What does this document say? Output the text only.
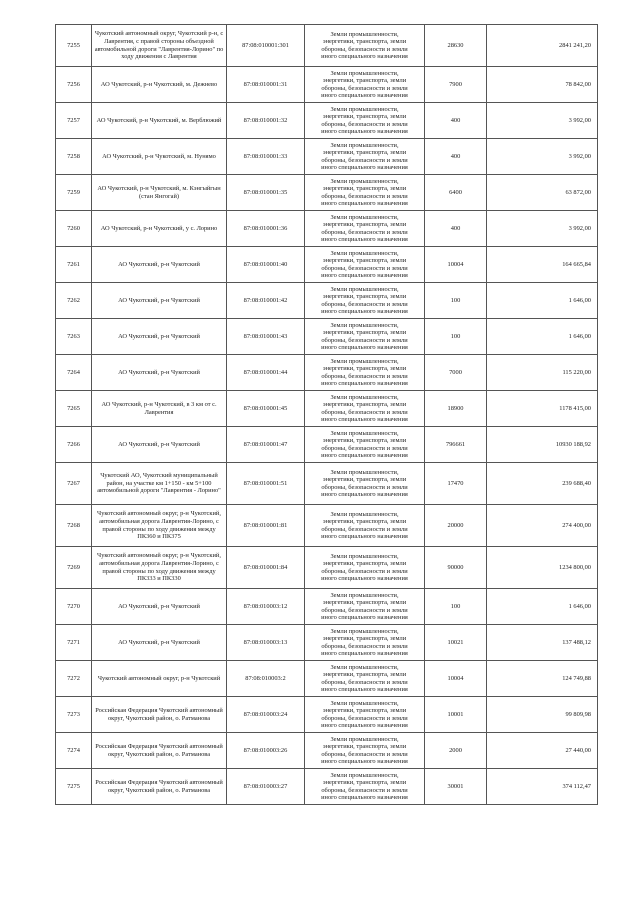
7255	Чукотский автономный округ, Чукотский р-н, с Лаврентия, с правой стороны объездной автомобильной дороги "Лаврентия-Лорино" по ходу движения с Лаврентия	87:08:010001:301	Земли промышленности,
энергетики, транспорта, земли
обороны, безопасности и земли
иного специального назначения	28630	2841 241,20
7256	АО Чукотский, р-н Чукотский, м. Дежнево	87:08:010001:31	Земли промышленности,
энергетики, транспорта, земли
обороны, безопасности и земли
иного специального назначения	7900	78 842,00
7257	АО Чукотский, р-н Чукотский, м. Верблюжий	87:08:010001:32	Земли промышленности,
энергетики, транспорта, земли
обороны, безопасности и земли
иного специального назначения	400	3 992,00
7258	АО Чукотский, р-н Чукотский, м. Нунямо	87:08:010001:33	Земли промышленности,
энергетики, транспорта, земли
обороны, безопасности и земли
иного специального назначения	400	3 992,00
7259	АО Чукотский, р-н Чукотский, м. Кэнгыйгын (стан Янгогай)	87:08:010001:35	Земли промышленности,
энергетики, транспорта, земли
обороны, безопасности и земли
иного специального назначения	6400	63 872,00
7260	АО Чукотский, р-н Чукотский, у с. Лорино	87:08:010001:36	Земли промышленности,
энергетики, транспорта, земли
обороны, безопасности и земли
иного специального назначения	400	3 992,00
7261	АО Чукотский, р-н Чукотский	87:08:010001:40	Земли промышленности,
энергетики, транспорта, земли
обороны, безопасности и земли
иного специального назначения	10004	164 665,84
7262	АО Чукотский, р-н Чукотский	87:08:010001:42	Земли промышленности,
энергетики, транспорта, земли
обороны, безопасности и земли
иного специального назначения	100	1 646,00
7263	АО Чукотский, р-н Чукотский	87:08:010001:43	Земли промышленности,
энергетики, транспорта, земли
обороны, безопасности и земли
иного специального назначения	100	1 646,00
7264	АО Чукотский, р-н Чукотский	87:08:010001:44	Земли промышленности,
энергетики, транспорта, земли
обороны, безопасности и земли
иного специального назначения	7000	115 220,00
7265	АО Чукотский, р-н Чукотский, в 3 км от с. Лаврентия	87:08:010001:45	Земли промышленности,
энергетики, транспорта, земли
обороны, безопасности и земли
иного специального назначения	18900	1178 415,00
7266	АО Чукотский, р-н Чукотский	87:08:010001:47	Земли промышленности,
энергетики, транспорта, земли
обороны, безопасности и земли
иного специального назначения	796661	10930 188,92
7267	Чукотский АО, Чукотский муниципальный район, на участке км 1+150 - км 5+100 автомобильной дороги "Лаврентия - Лорино"	87:08:010001:51	Земли промышленности,
энергетики, транспорта, земли
обороны, безопасности и земли
иного специального назначения	17470	239 688,40
7268	Чукотский автономный округ, р-н Чукотский, автомобильная дорога Лаврентия-Лорино, с правой стороны по ходу движения между ПК360 и ПК375	87:08:010001:81	Земли промышленности,
энергетики, транспорта, земли
обороны, безопасности и земли
иного специального назначения	20000	274 400,00
7269	Чукотский автономный округ, р-н Чукотский, автомобильная дорога Лаврентия-Лорино, с правой стороны по ходу движения между ПК333 и ПК330	87:08:010001:84	Земли промышленности,
энергетики, транспорта, земли
обороны, безопасности и земли
иного специального назначения	90000	1234 800,00
7270	АО Чукотский, р-н Чукотский	87:08:010003:12	Земли промышленности,
энергетики, транспорта, земли
обороны, безопасности и земли
иного специального назначения	100	1 646,00
7271	АО Чукотский, р-н Чукотский	87:08:010003:13	Земли промышленности,
энергетики, транспорта, земли
обороны, безопасности и земли
иного специального назначения	10021	137 488,12
7272	Чукотский автономный округ, р-н Чукотский	87:08:010003:2	Земли промышленности,
энергетики, транспорта, земли
обороны, безопасности и земли
иного специального назначения	10004	124 749,88
7273	Российская Федерация Чукотский автономный округ, Чукотский район, о. Ратманова	87:08:010003:24	Земли промышленности,
энергетики, транспорта, земли
обороны, безопасности и земли
иного специального назначения	10001	99 809,98
7274	Российская Федерация Чукотский автономный округ, Чукотский район, о. Ратманова	87:08:010003:26	Земли промышленности,
энергетики, транспорта, земли
обороны, безопасности и земли
иного специального назначения	2000	27 440,00
7275	Российская Федерация Чукотский автономный округ, Чукотский район, о. Ратманова	87:08:010003:27	Земли промышленности,
энергетики, транспорта, земли
обороны, безопасности и земли
иного специального назначения	30001	374 112,47
